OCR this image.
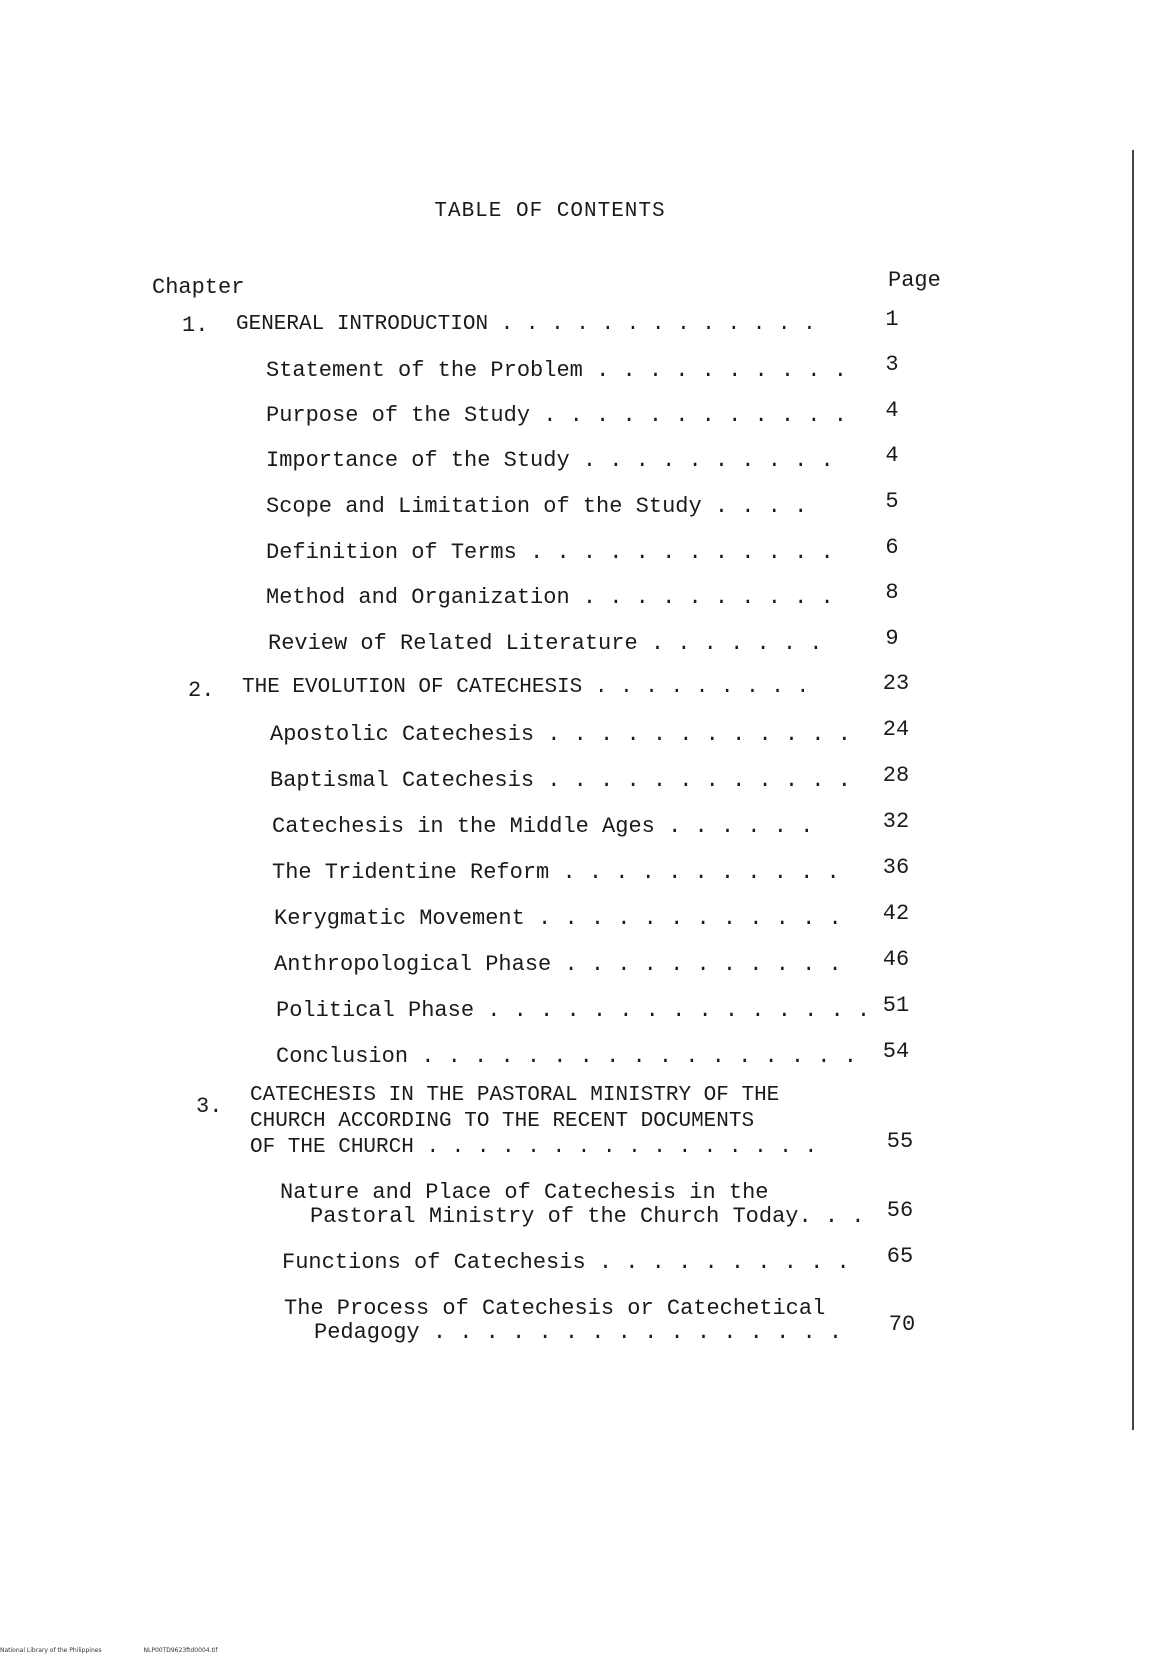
TABLE OF CONTENTS
Chapter	Page
1. GENERAL INTRODUCTION . . . . . . . . . . . . .	1
Statement of the Problem . . . . . . . . . .	3
Purpose of the Study . . . . . . . . . . . .	4
Importance of the Study . . . . . . . . . .	4
Scope and Limitation of the Study . . . .	5
Definition of Terms . . . . . . . . . . . .	6
Method and Organization . . . . . . . . . .	8
Review of Related Literature . . . . . . .	9
2. THE EVOLUTION OF CATECHESIS . . . . . . . . .	23
Apostolic Catechesis . . . . . . . . . . . .	24
Baptismal Catechesis . . . . . . . . . . . .	28
Catechesis in the Middle Ages . . . . . .	32
The Tridentine Reform . . . . . . . . . . .	36
Kerygmatic Movement . . . . . . . . . . . .	42
Anthropological Phase . . . . . . . . . . .	46
Political Phase . . . . . . . . . . . . . . . 51
Conclusion . . . . . . . . . . . . . . . . .	54
3. CATECHESIS IN THE PASTORAL MINISTRY OF THE
CHURCH ACCORDING TO THE RECENT DOCUMENTS
OF THE CHURCH . . . . . . . . . . . . . . . .	55
Nature and Place of Catechesis in the
Pastoral Ministry of the Church Today. . .	56
Functions of Catechesis . . . . . . . . . .	65
The Process of Catechesis or Catechetical
Pedagogy . . . . . . . . . . . . . . . .	70
National Library of the Philippines	NLP00TD9623ftd0004.tif
